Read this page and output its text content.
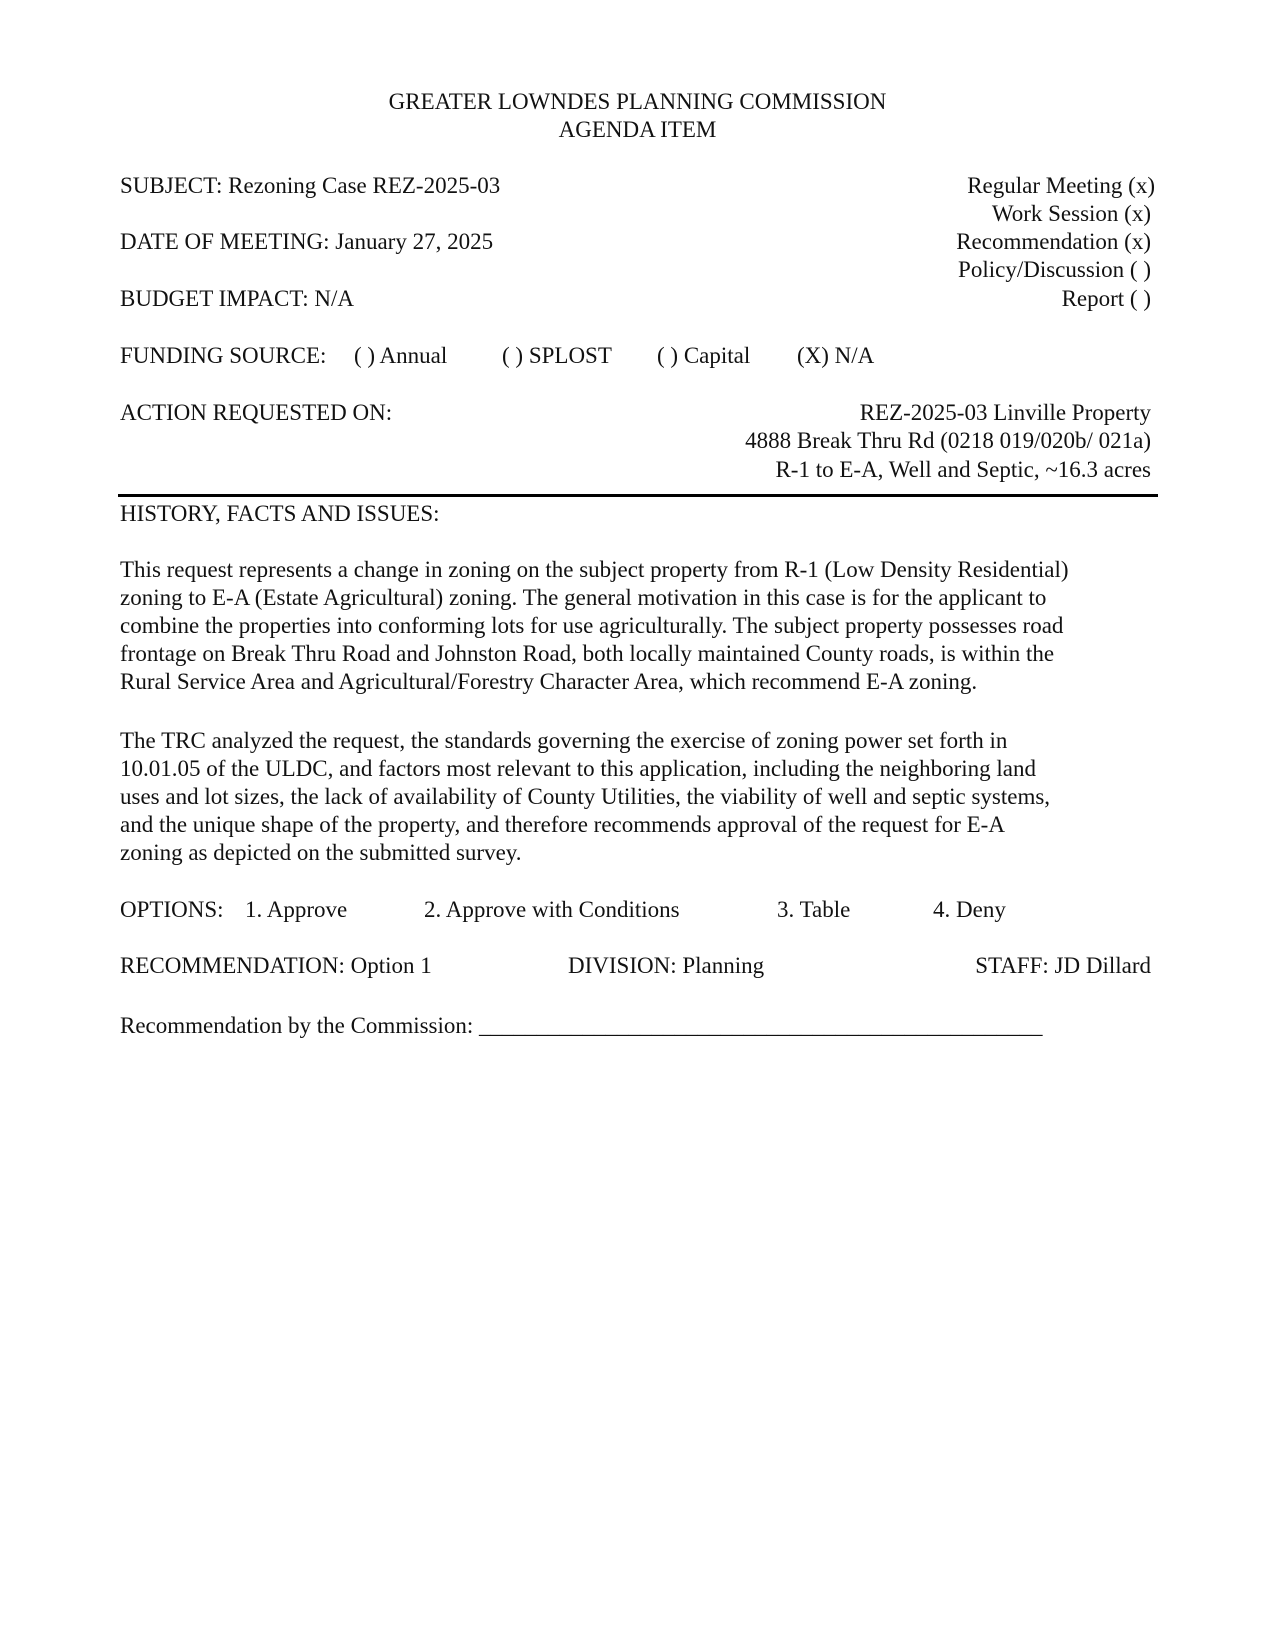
GREATER LOWNDES PLANNING COMMISSION
AGENDA ITEM
SUBJECT: Rezoning Case REZ-2025-03
DATE OF MEETING: January 27, 2025
BUDGET IMPACT: N/A
Regular Meeting (x)
Work Session (x)
Recommendation (x)
Policy/Discussion ( )
Report ( )
FUNDING SOURCE: ( ) Annual ( ) SPLOST ( ) Capital (X) N/A
ACTION REQUESTED ON:	REZ-2025-03 Linville Property
4888 Break Thru Rd (0218 019/020b/ 021a)
R-1 to E-A, Well and Septic, ~16.3 acres
HISTORY, FACTS AND ISSUES:
This request represents a change in zoning on the subject property from R-1 (Low Density Residential)
zoning to E-A (Estate Agricultural) zoning. The general motivation in this case is for the applicant to
combine the properties into conforming lots for use agriculturally. The subject property possesses road
frontage on Break Thru Road and Johnston Road, both locally maintained County roads, is within the
Rural Service Area and Agricultural/Forestry Character Area, which recommend E-A zoning.
The TRC analyzed the request, the standards governing the exercise of zoning power set forth in
10.01.05 of the ULDC, and factors most relevant to this application, including the neighboring land
uses and lot sizes, the lack of availability of County Utilities, the viability of well and septic systems,
and the unique shape of the property, and therefore recommends approval of the request for E-A
zoning as depicted on the submitted survey.
OPTIONS: 1. Approve	2. Approve with Conditions	3. Table	4. Deny
RECOMMENDATION: Option 1	DIVISION: Planning	STAFF: JD Dillard
Recommendation by the Commission: _________________________________________________
